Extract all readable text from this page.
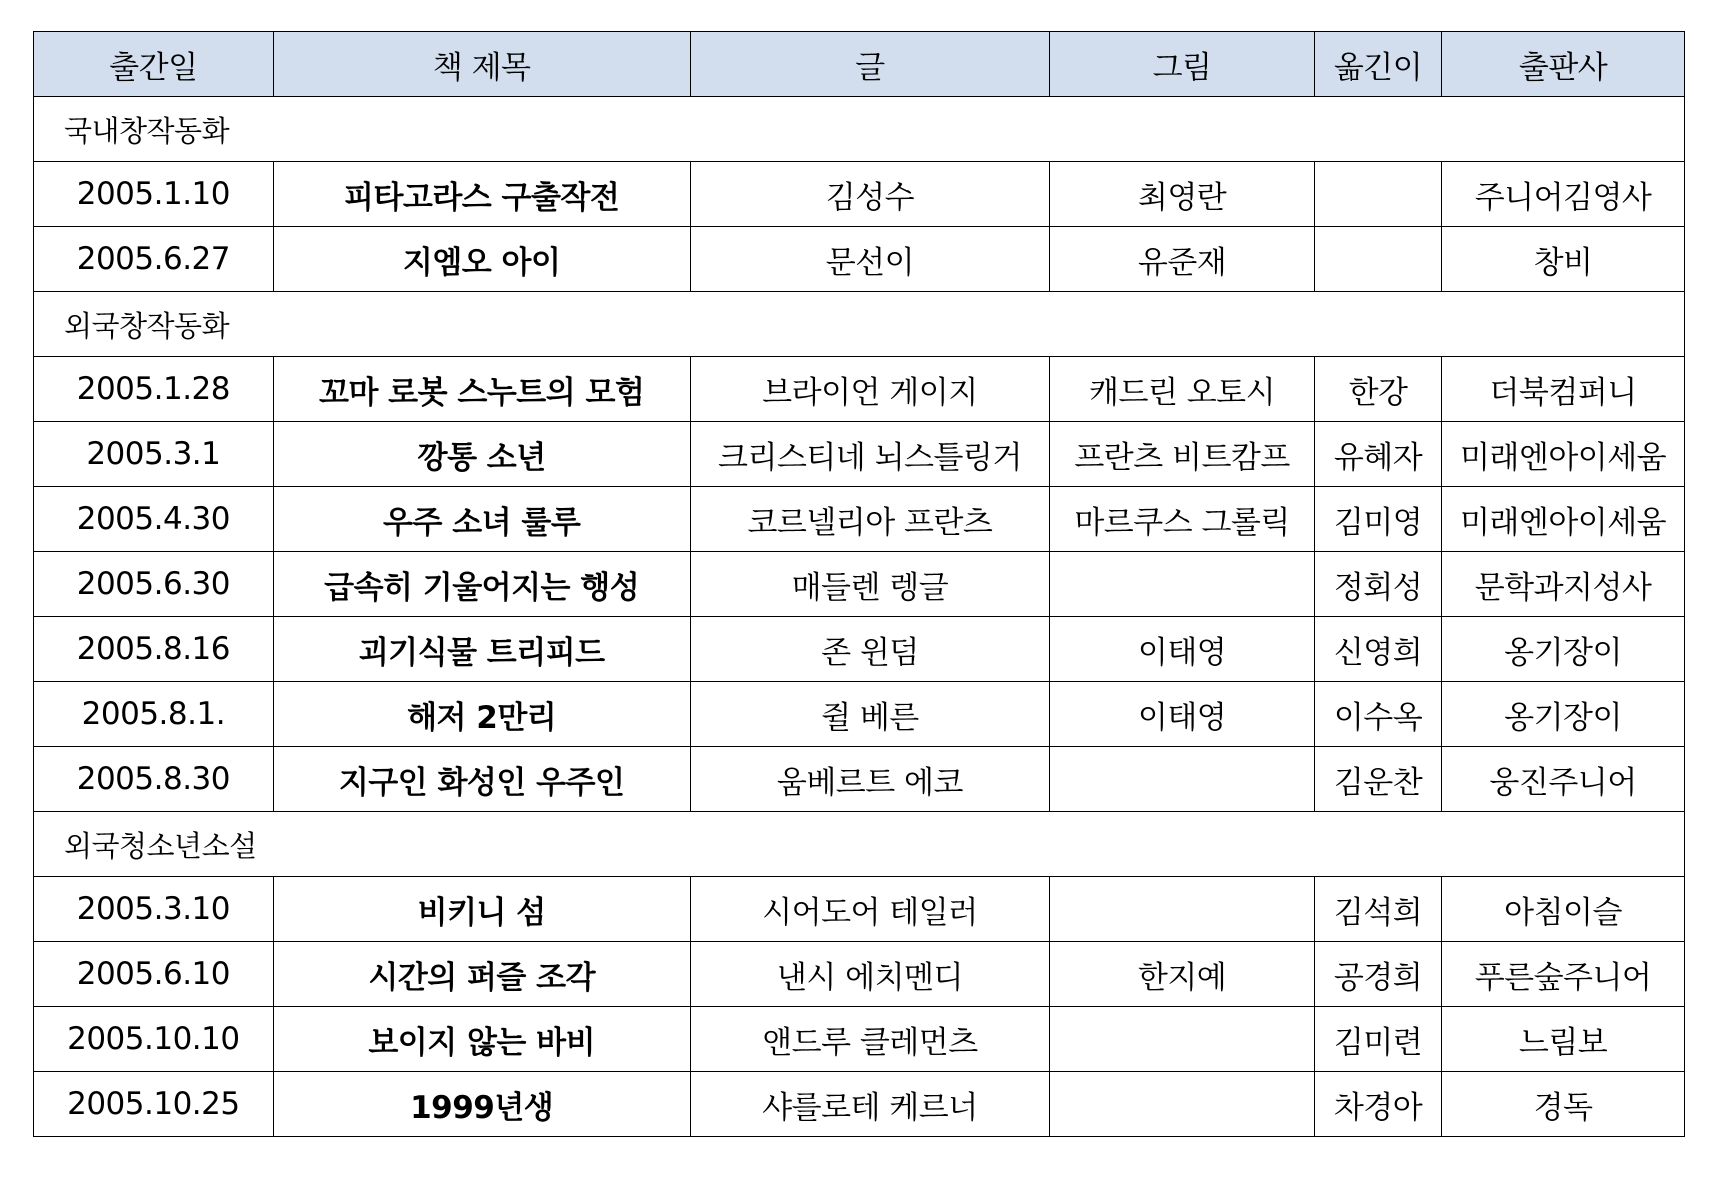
출간일	책 제목	글	그림	옮긴이	출판사
국내창작동화					
2005.1.10	피타고라스 구출작전	김성수	최영란		주니어김영사
2005.6.27	지엠오 아이	문선이	유준재		창비
외국창작동화					
2005.1.28	꼬마 로봇 스누트의 모험	브라이언 게이지	캐드린 오토시	한강	더북컴퍼니
2005.3.1	깡통 소년	크리스티네 뇌스틀링거	프란츠 비트캄프	유혜자	미래엔아이세움
2005.4.30	우주 소녀 룰루	코르넬리아 프란츠	마르쿠스 그롤릭	김미영	미래엔아이세움
2005.6.30	급속히 기울어지는 행성	매들렌 렝글		정회성	문학과지성사
2005.8.16	괴기식물 트리피드	존 윈덤	이태영	신영희	옹기장이
2005.8.1.	해저 2만리	쥘 베른	이태영	이수옥	옹기장이
2005.8.30	지구인 화성인 우주인	움베르트 에코		김운찬	웅진주니어
외국청소년소설					
2005.3.10	비키니 섬	시어도어 테일러		김석희	아침이슬
2005.6.10	시간의 퍼즐 조각	낸시 에치멘디	한지예	공경희	푸른숲주니어
2005.10.10	보이지 않는 바비	앤드루 클레먼츠		김미련	느림보
2005.10.25	1999년생	샤를로테 케르너		차경아	경독
